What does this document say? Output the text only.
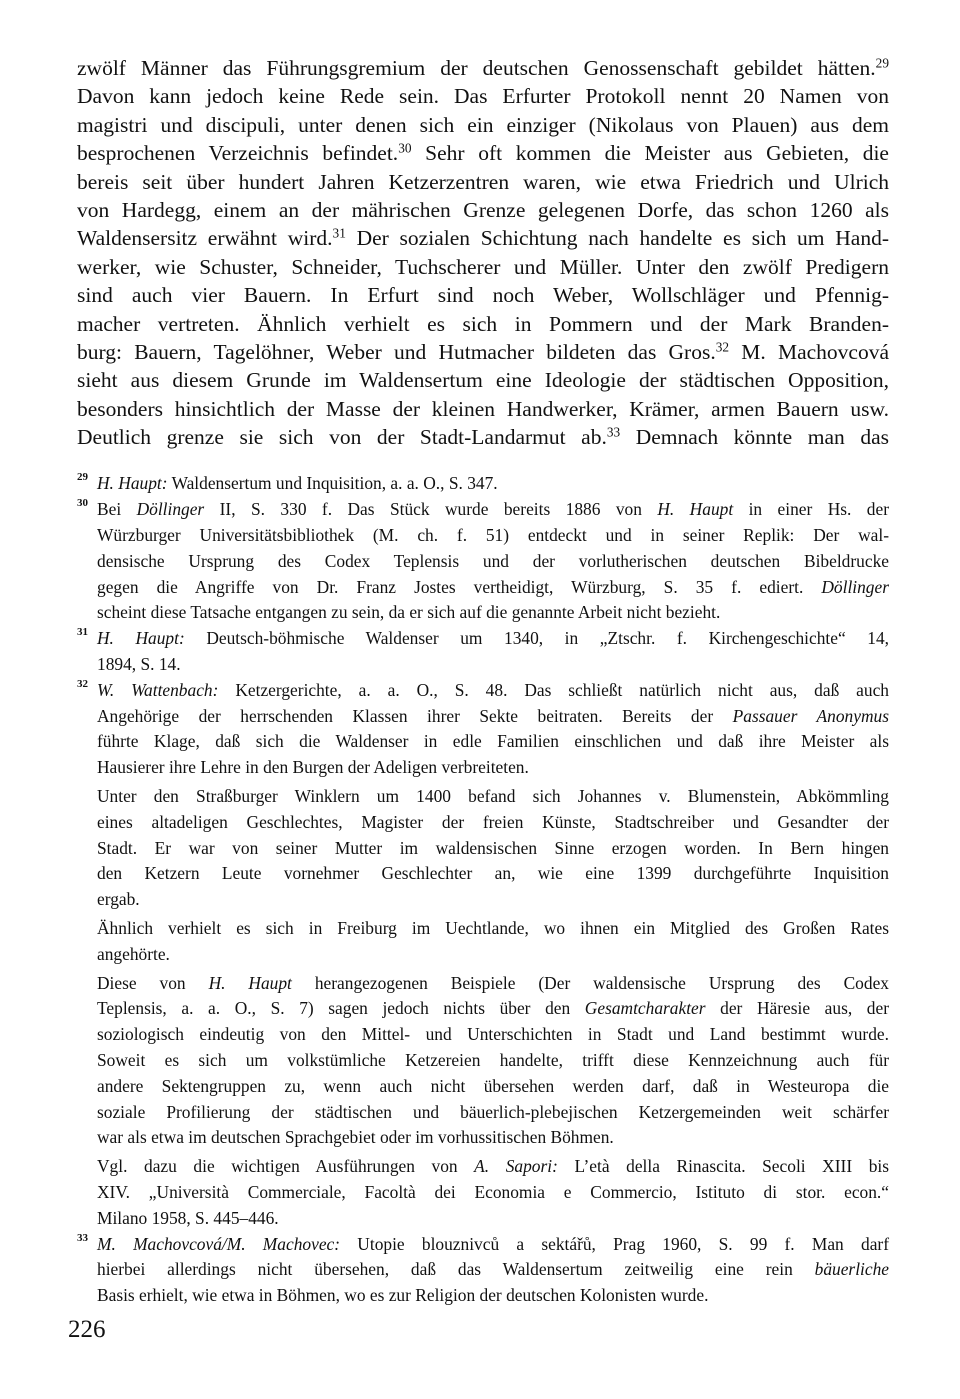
zwölf Männer das Führungsgremium der deutschen Genossenschaft gebildet hätten.$^{29}$
Davon kann jedoch keine Rede sein. Das Erfurter Protokoll nennt 20 Namen von
magistri und discipuli, unter denen sich ein einziger (Nikolaus von Plauen) aus dem
besprochenen Verzeichnis befindet.$^{30}$ Sehr oft kommen die Meister aus Gebieten, die
bereis seit über hundert Jahren Ketzerzentren waren, wie etwa Friedrich und Ulrich
von Hardegg, einem an der mährischen Grenze gelegenen Dorfe, das schon 1260 als
Waldensersitz erwähnt wird.$^{31}$ Der sozialen Schichtung nach handelte es sich um Hand-
werker, wie Schuster, Schneider, Tuchscherer und Müller. Unter den zwölf Predigern
sind auch vier Bauern. In Erfurt sind noch Weber, Wollschläger und Pfennig-
macher vertreten. Ähnlich verhielt es sich in Pommern und der Mark Branden-
burg: Bauern, Tagelöhner, Weber und Hutmacher bildeten das Gros.$^{32}$ M. Machovcová
sieht aus diesem Grunde im Waldensertum eine Ideologie der städtischen Opposition,
besonders hinsichtlich der Masse der kleinen Handwerker, Krämer, armen Bauern usw.
Deutlich grenze sie sich von der Stadt-Landarmut ab.$^{33}$ Demnach könnte man das
29 H. Haupt: Waldensertum und Inquisition, a. a. O., S. 347.
30 Bei Döllinger II, S. 330 f. Das Stück wurde bereits 1886 von H. Haupt in einer Hs. der
Würzburger Universitätsbibliothek (M. ch. f. 51) entdeckt und in seiner Replik: Der wal-
densische Ursprung des Codex Teplensis und der vorlutherischen deutschen Bibeldrucke
gegen die Angriffe von Dr. Franz Jostes vertheidigt, Würzburg, S. 35 f. ediert. Döllinger
scheint diese Tatsache entgangen zu sein, da er sich auf die genannte Arbeit nicht bezieht.
31 H. Haupt: Deutsch-böhmische Waldenser um 1340, in „Ztschr. f. Kirchengeschichte“ 14,
1894, S. 14.
32 W. Wattenbach: Ketzergerichte, a. a. O., S. 48. Das schließt natürlich nicht aus, daß auch
Angehörige der herrschenden Klassen ihrer Sekte beitraten. Bereits der Passauer Anonymus
führte Klage, daß sich die Waldenser in edle Familien einschlichen und daß ihre Meister als
Hausierer ihre Lehre in den Burgen der Adeligen verbreiteten.
Unter den Straßburger Winklern um 1400 befand sich Johannes v. Blumenstein, Abkömmling
eines altadeligen Geschlechtes, Magister der freien Künste, Stadtschreiber und Gesandter der
Stadt. Er war von seiner Mutter im waldensischen Sinne erzogen worden. In Bern hingen
den Ketzern Leute vornehmer Geschlechter an, wie eine 1399 durchgeführte Inquisition
ergab.
Ähnlich verhielt es sich in Freiburg im Uechtlande, wo ihnen ein Mitglied des Großen Rates
angehörte.
Diese von H. Haupt herangezogenen Beispiele (Der waldensische Ursprung des Codex
Teplensis, a. a. O., S. 7) sagen jedoch nichts über den Gesamtcharakter der Häresie aus, der
soziologisch eindeutig von den Mittel- und Unterschichten in Stadt und Land bestimmt wurde.
Soweit es sich um volkstümliche Ketzereien handelte, trifft diese Kennzeichnung auch für
andere Sektengruppen zu, wenn auch nicht übersehen werden darf, daß in Westeuropa die
soziale Profilierung der städtischen und bäuerlich-plebejischen Ketzergemeinden weit schärfer
war als etwa im deutschen Sprachgebiet oder im vorhussitischen Böhmen.
Vgl. dazu die wichtigen Ausführungen von A. Sapori: L’età della Rinascita. Secoli XIII bis
XIV. „Università Commerciale, Facoltà dei Economia e Commercio, Istituto di stor. econ.“
Milano 1958, S. 445–446.
33 M. Machovcová/M. Machovec: Utopie blouznivců a sektářů, Prag 1960, S. 99 f. Man darf
hierbei allerdings nicht übersehen, daß das Waldensertum zeitweilig eine rein bäuerliche
Basis erhielt, wie etwa in Böhmen, wo es zur Religion der deutschen Kolonisten wurde.
226
